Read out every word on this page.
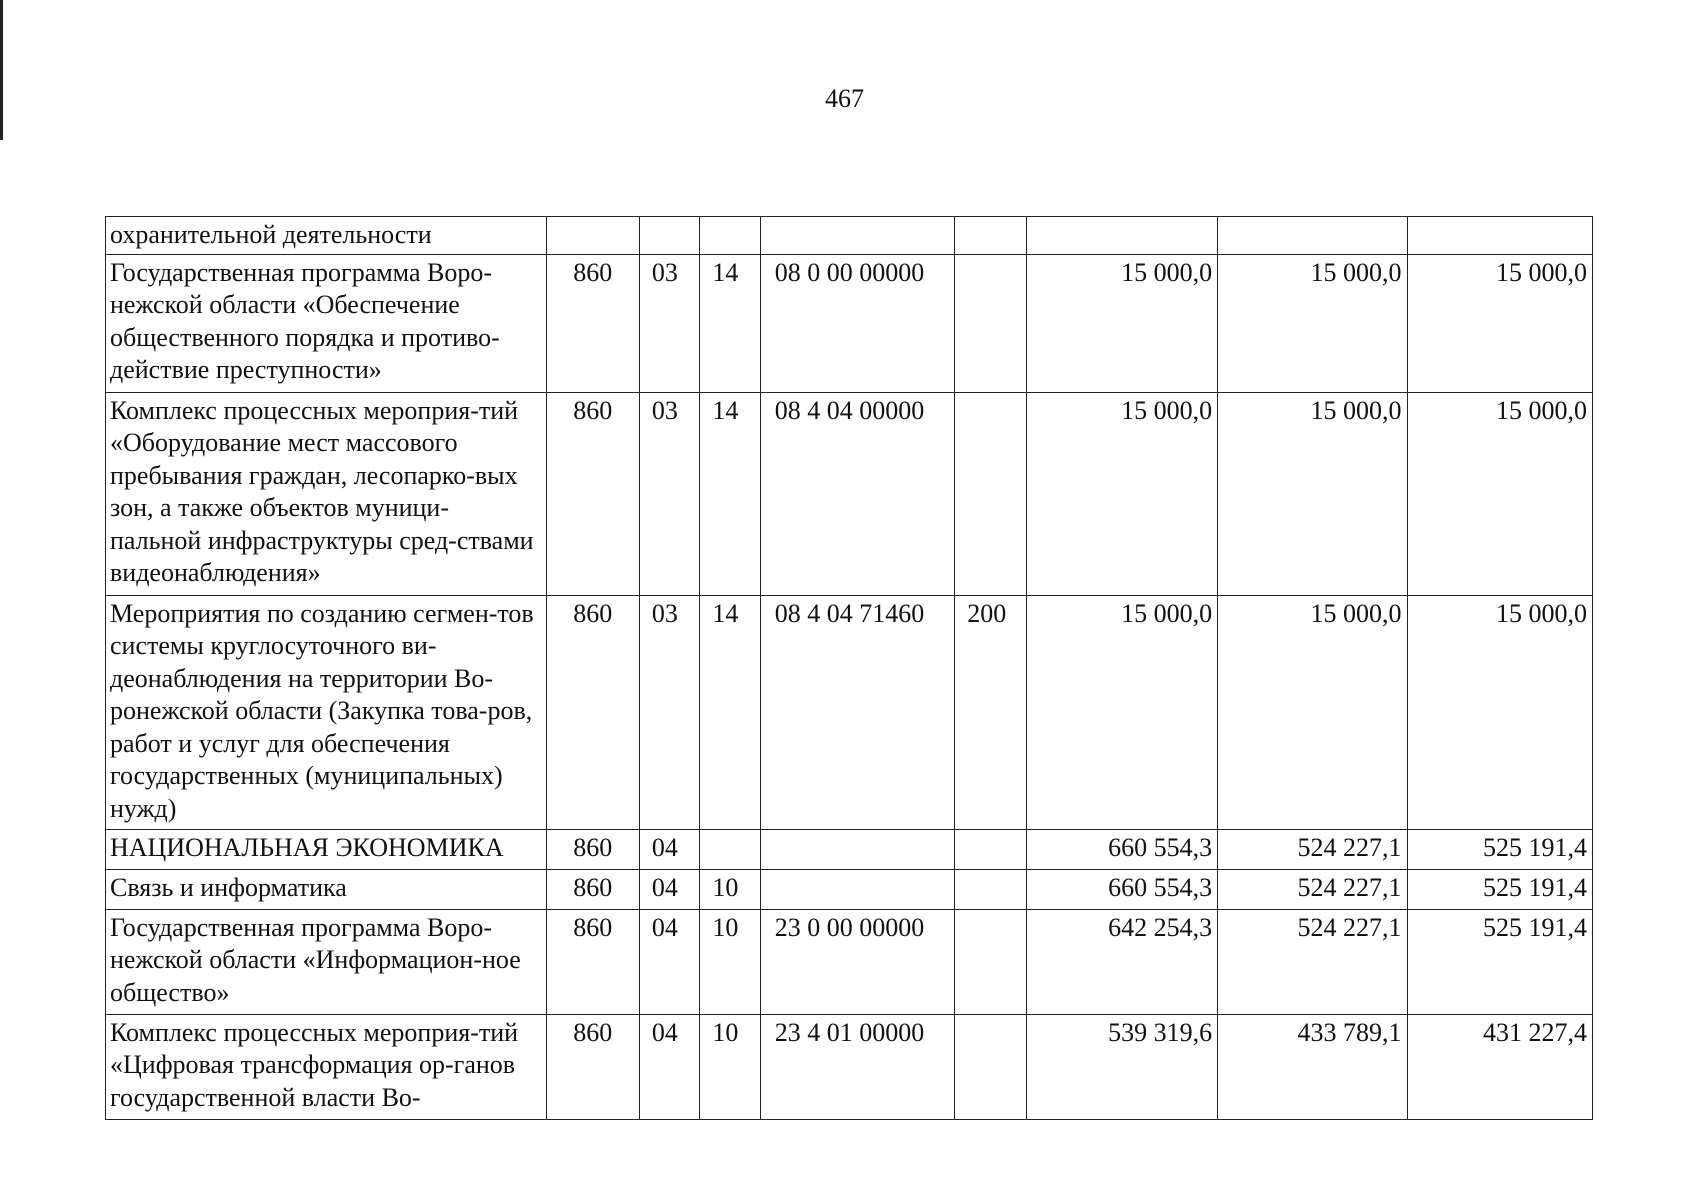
467
охранительной деятельности								
Государственная программа Воро-нежской области «Обеспечение общественного порядка и противо-действие преступности»	860	03	14	08 0 00 00000		15 000,0	15 000,0	15 000,0
Комплекс процессных мероприя-тий «Оборудование мест массового пребывания граждан, лесопарко-вых зон, а также объектов муници-пальной инфраструктуры сред-ствами видеонаблюдения»	860	03	14	08 4 04 00000		15 000,0	15 000,0	15 000,0
Мероприятия по созданию сегмен-тов системы круглосуточного ви-деонаблюдения на территории Во-ронежской области (Закупка това-ров, работ и услуг для обеспечения государственных (муниципальных) нужд)	860	03	14	08 4 04 71460	200	15 000,0	15 000,0	15 000,0
НАЦИОНАЛЬНАЯ ЭКОНОМИКА	860	04				660 554,3	524 227,1	525 191,4
Связь и информатика	860	04	10			660 554,3	524 227,1	525 191,4
Государственная программа Воро-нежской области «Информацион-ное общество»	860	04	10	23 0 00 00000		642 254,3	524 227,1	525 191,4
Комплекс процессных мероприя-тий «Цифровая трансформация ор-ганов государственной власти Во-	860	04	10	23 4 01 00000		539 319,6	433 789,1	431 227,4
